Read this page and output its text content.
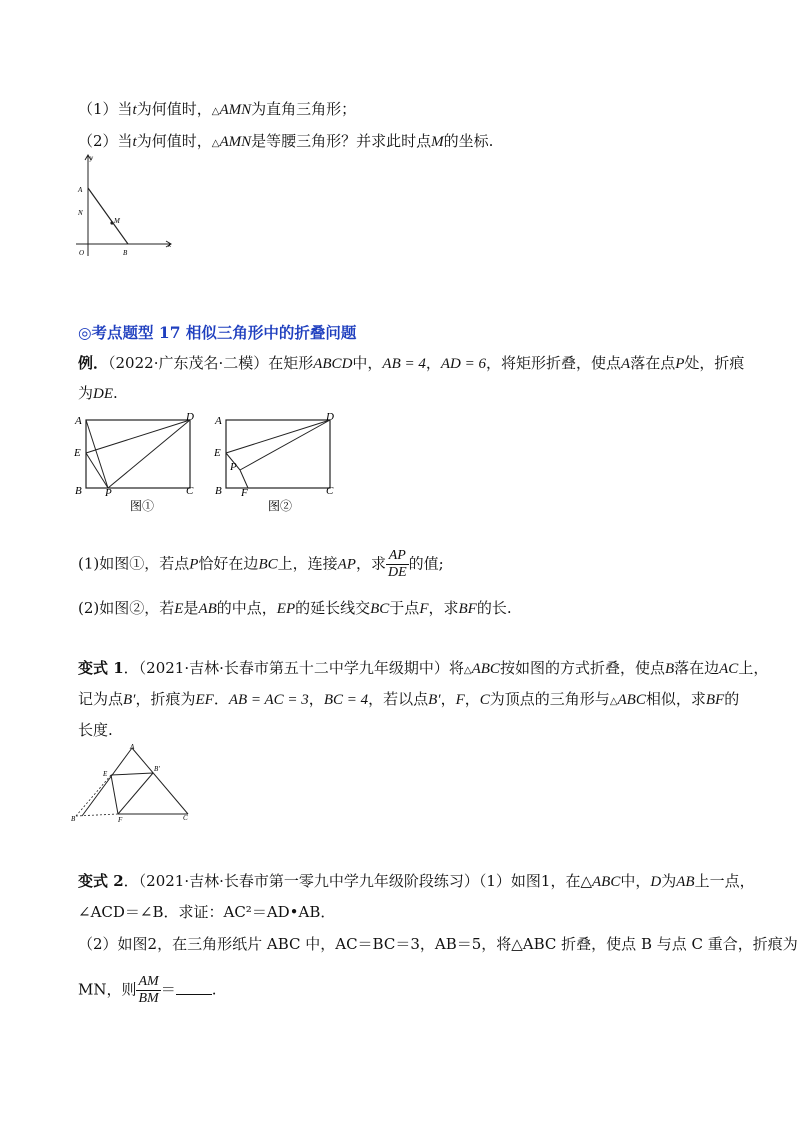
（1）当t为何值时，△AMN为直角三角形；
（2）当t为何值时，△AMN是等腰三角形？并求此时点M的坐标.
y
A
N
M
O	B
x
◎考点题型 17 相似三角形中的折叠问题
例．（2022·广东茂名·二模）在矩形ABCD中，AB = 4，AD = 6，将矩形折叠，使点A落在点P处，折痕
为DE.
A	D
E
B P	C
图①
A	D
E
P
B F	C
图②
(1)如图①，若点P恰好在边BC上，连接AP，求 $\frac{AP}{DE}$ 的值;
(2)如图②，若E是AB的中点，EP的延长线交BC于点F，求BF的长.
变式 1．（2021·吉林·长春市第五十二中学九年级期中）将△ABC按如图的方式折叠，使点B落在边AC上，
记为点B′，折痕为EF．AB = AC = 3，BC = 4，若以点B′，F，C为顶点的三角形与△ABC相似，求BF的
长度.
A
E
B′
B	F	C
变式 2．（2021·吉林·长春市第一零九中学九年级阶段练习）（1）如图1，在△ABC中，D为AB上一点，
∠ACD＝∠B．求证：AC²＝AD•AB．
（2）如图2，在三角形纸片 ABC 中，AC＝BC＝3，AB＝5，将△ABC 折叠，使点 B 与点 C 重合，折痕为
MN，则 $\frac{AM}{BM}$ ＝ .
